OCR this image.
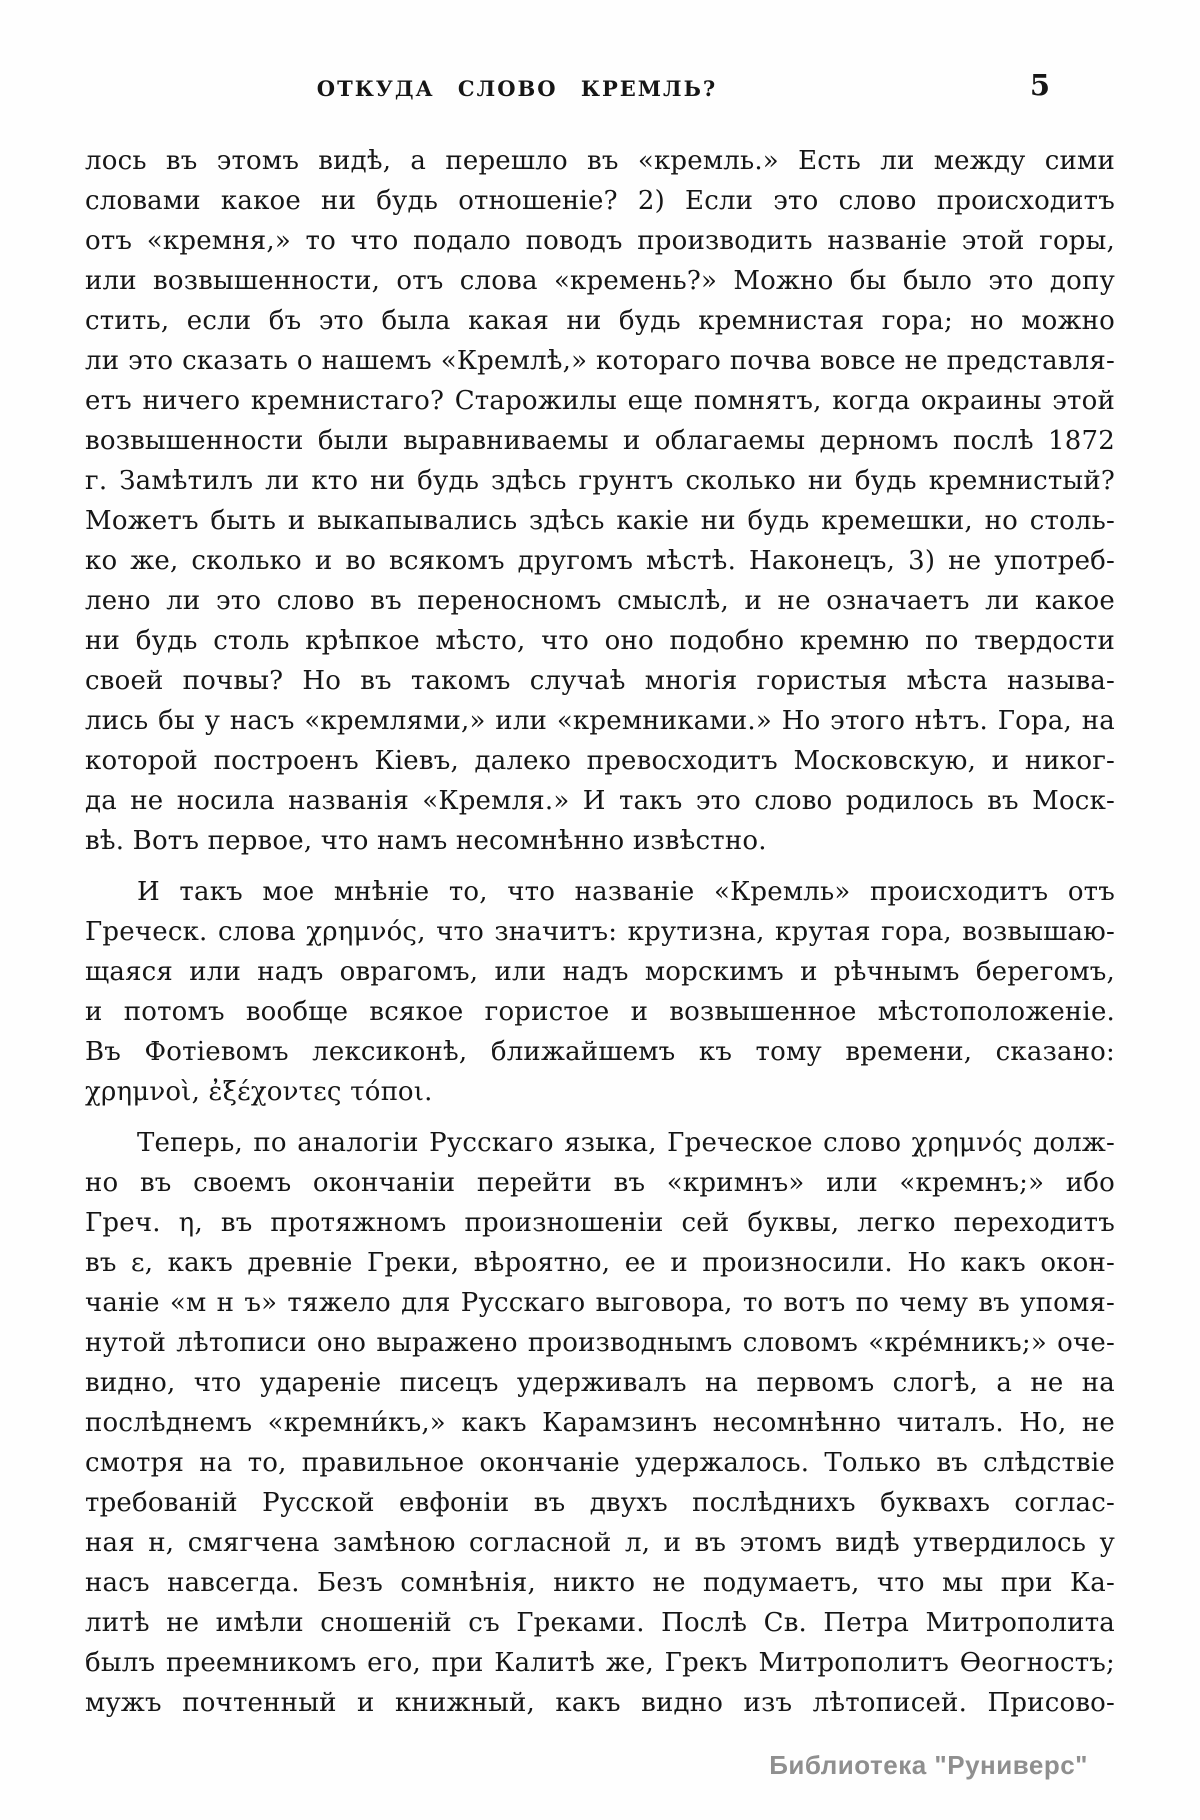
ОТКУДА СЛОВО КРЕМЛЬ?	5
лось въ этомъ видѣ, а перешло въ «кремль.» Есть ли между сими
словами какое ни будь отношеніе? 2) Если это слово происходитъ
отъ «кремня,» то что подало поводъ производить названіе этой горы,
или возвышенности, отъ слова «кремень?» Можно бы было это допу
стить, если бъ это была какая ни будь кремнистая гора; но можно
ли это сказать о нашемъ «Кремлѣ,» котораго почва вовсе не представля-
етъ ничего кремнистаго? Старожилы еще помнятъ, когда окраины этой
возвышенности были выравниваемы и облагаемы дерномъ послѣ 1872
г. Замѣтилъ ли кто ни будь здѣсь грунтъ сколько ни будь кремнистый?
Можетъ быть и выкапывались здѣсь какіе ни будь кремешки, но столь-
ко же, сколько и во всякомъ другомъ мѣстѣ. Наконецъ, 3) не употреб-
лено ли это слово въ переносномъ смыслѣ, и не означаетъ ли какое
ни будь столь крѣпкое мѣсто, что оно подобно кремню по твердости
своей почвы? Но въ такомъ случаѣ многія гористыя мѣста называ-
лись бы у насъ «кремлями,» или «кремниками.» Но этого нѣтъ. Гора, на
которой построенъ Кіевъ, далеко превосходитъ Московскую, и никог-
да не носила названія «Кремля.» И такъ это слово родилось въ Моск-
вѣ. Вотъ первое, что намъ несомнѣнно извѣстно.
И такъ мое мнѣніе то, что названіе «Кремль» происходитъ отъ
Греческ. слова χρημνός, что значитъ: крутизна, крутая гора, возвышаю-
щаяся или надъ оврагомъ, или надъ морскимъ и рѣчнымъ берегомъ,
и потомъ вообще всякое гористое и возвышенное мѣстоположеніе.
Въ Фотіевомъ лексиконѣ, ближайшемъ къ тому времени, сказано:
χρημνοὶ, ἐξέχοντες τόποι.
Теперь, по аналогіи Русскаго языка, Греческое слово χρημνός долж-
но въ своемъ окончаніи перейти въ «кримнъ» или «кремнъ;» ибо
Греч. η, въ протяжномъ произношеніи сей буквы, легко переходитъ
въ ε, какъ древніе Греки, вѣроятно, ее и произносили. Но какъ окон-
чаніе «м н ъ» тяжело для Русскаго выговора, то вотъ по чему въ упомя-
нутой лѣтописи оно выражено производнымъ словомъ «кре́мникъ;» оче-
видно, что удареніе писецъ удерживалъ на первомъ слогѣ, а не на
послѣднемъ «кремни́къ,» какъ Карамзинъ несомнѣнно читалъ. Но, не
смотря на то, правильное окончаніе удержалось. Только въ слѣдствіе
требованій Русской евфоніи въ двухъ послѣднихъ буквахъ соглас-
ная н, смягчена замѣною согласной л, и въ этомъ видѣ утвердилось у
насъ навсегда. Безъ сомнѣнія, никто не подумаетъ, что мы при Ка-
литѣ не имѣли сношеній съ Греками. Послѣ Св. Петра Митрополита
былъ преемникомъ его, при Калитѣ же, Грекъ Митрополитъ Ѳеогностъ;
мужъ почтенный и книжный, какъ видно изъ лѣтописей. Присово-
Библиотека "Руниверс"
